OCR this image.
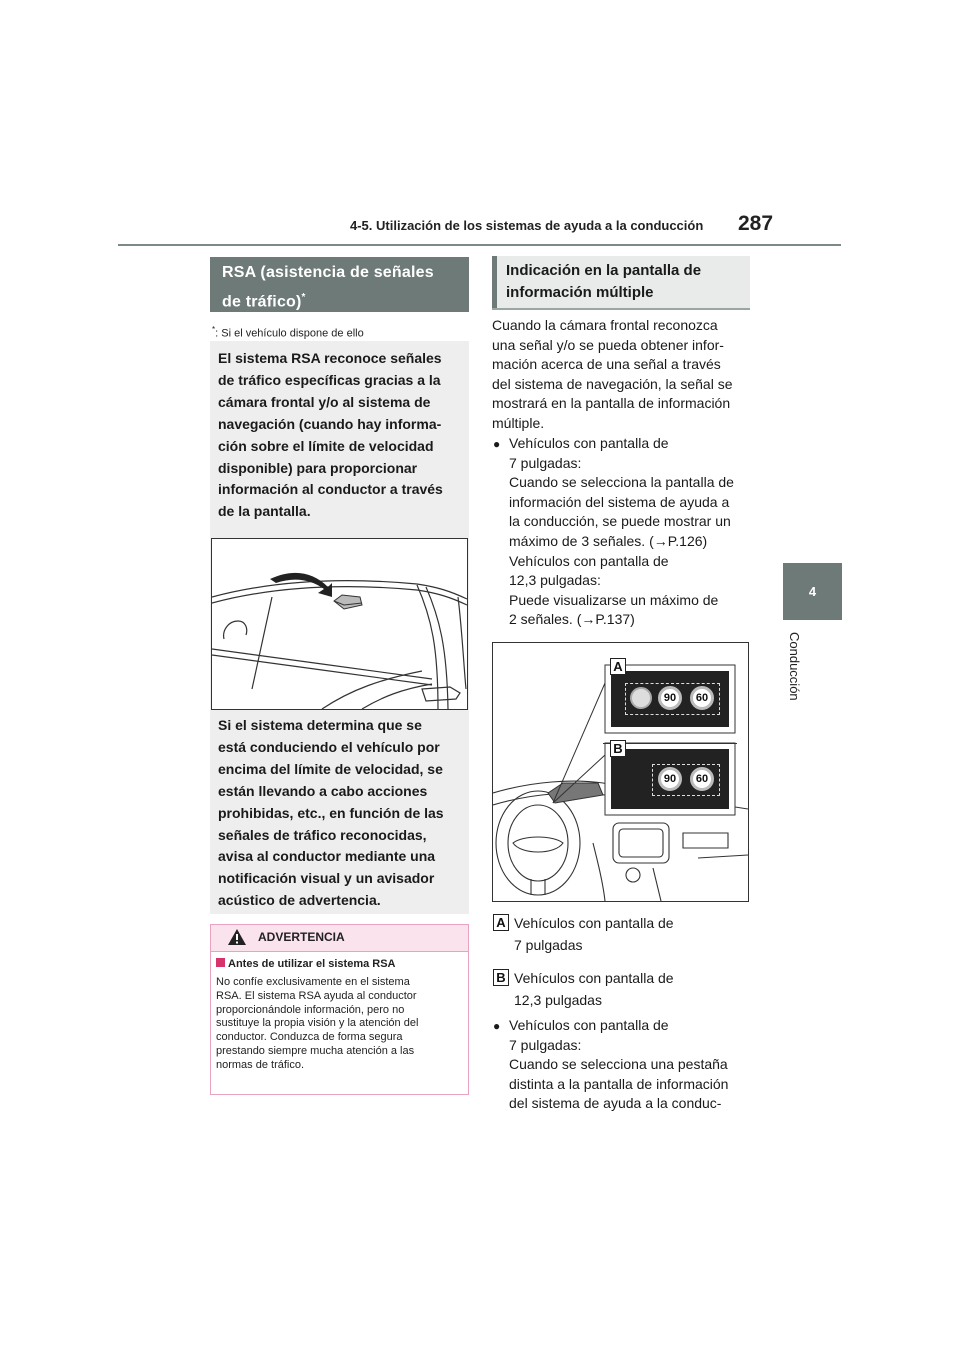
4-5. Utilización de los sistemas de ayuda a la conducción 287
4
Conducción
RSA (asistencia de señales
de tráfico)*
*: Si el vehículo dispone de ello
El sistema RSA reconoce señales
de tráfico específicas gracias a la
cámara frontal y/o al sistema de
navegación (cuando hay informa-
ción sobre el límite de velocidad
disponible) para proporcionar
información al conductor a través
de la pantalla.
Si el sistema determina que se
está conduciendo el vehículo por
encima del límite de velocidad, se
están llevando a cabo acciones
prohibidas, etc., en función de las
señales de tráfico reconocidas,
avisa al conductor mediante una
notificación visual y un avisador
acústico de advertencia.
ADVERTENCIA
Antes de utilizar el sistema RSA
No confíe exclusivamente en el sistema
RSA. El sistema RSA ayuda al conductor
proporcionándole información, pero no
sustituye la propia visión y la atención del
conductor. Conduzca de forma segura
prestando siempre mucha atención a las
normas de tráfico.
Indicación en la pantalla de
información múltiple
Cuando la cámara frontal reconozca
una señal y/o se pueda obtener infor-
mación acerca de una señal a través
del sistema de navegación, la señal se
mostrará en la pantalla de información
múltiple.
● Vehículos con pantalla de
7 pulgadas:
Cuando se selecciona la pantalla de
información del sistema de ayuda a
la conducción, se puede mostrar un
máximo de 3 señales. (→P.126)
Vehículos con pantalla de
12,3 pulgadas:
Puede visualizarse un máximo de
2 señales. (→P.137)
A
B
90	60
90	60
A Vehículos con pantalla de
7 pulgadas
B Vehículos con pantalla de
12,3 pulgadas
● Vehículos con pantalla de
7 pulgadas:
Cuando se selecciona una pestaña
distinta a la pantalla de información
del sistema de ayuda a la conduc-
